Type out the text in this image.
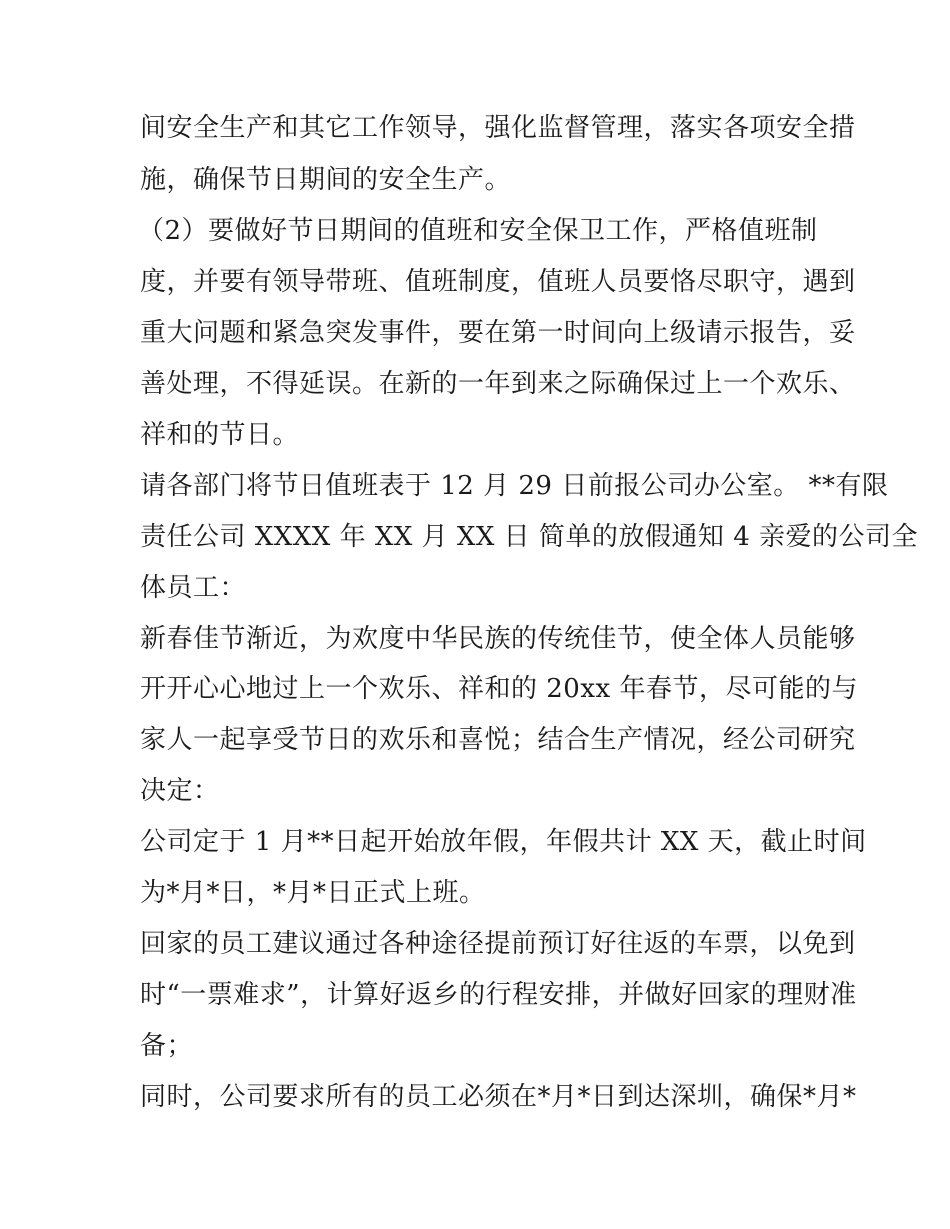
间安全生产和其它工作领导，强化监督管理，落实各项安全措
施，确保节日期间的安全生产。
（2）要做好节日期间的值班和安全保卫工作，严格值班制
度，并要有领导带班、值班制度，值班人员要恪尽职守，遇到
重大问题和紧急突发事件，要在第一时间向上级请示报告，妥
善处理，不得延误。在新的一年到来之际确保过上一个欢乐、
祥和的节日。
请各部门将节日值班表于 12 月 29 日前报公司办公室。 **有限
责任公司 XXXX 年 XX 月 XX 日 简单的放假通知 4 亲爱的公司全
体员工：
新春佳节渐近，为欢度中华民族的传统佳节，使全体人员能够
开开心心地过上一个欢乐、祥和的 20xx 年春节，尽可能的与
家人一起享受节日的欢乐和喜悦；结合生产情况，经公司研究
决定：
公司定于 1 月**日起开始放年假，年假共计 XX 天，截止时间
为*月*日，*月*日正式上班。
回家的员工建议通过各种途径提前预订好往返的车票，以免到
时“一票难求”，计算好返乡的行程安排，并做好回家的理财准
备；
同时，公司要求所有的员工必须在*月*日到达深圳，确保*月*
